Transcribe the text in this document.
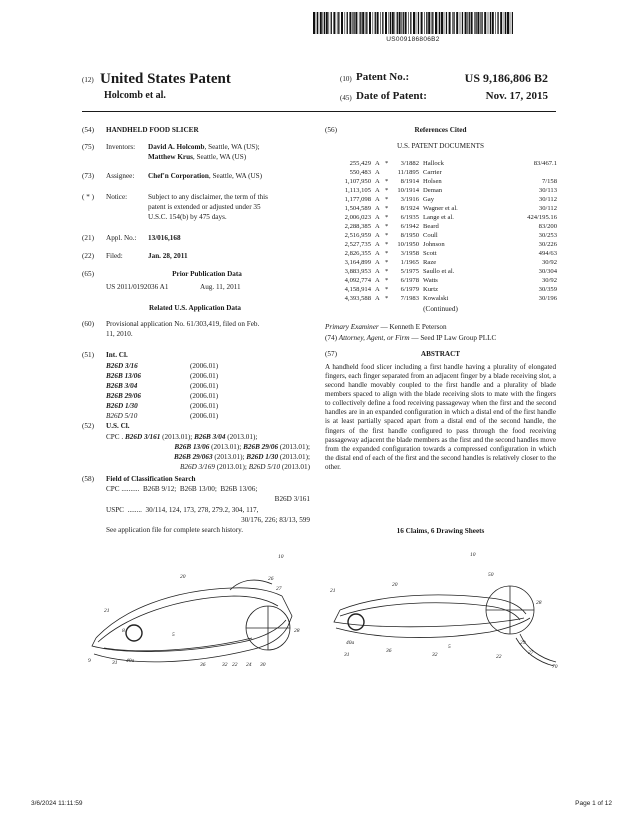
US009186806B2
(12) United States Patent
Holcomb et al.
(10) Patent No.:	US 9,186,806 B2
(45) Date of Patent:	Nov. 17, 2015
(54)	HANDHELD FOOD SLICER
(75)	Inventors:	David A. Holcomb, Seattle, WA (US);
Matthew Krus, Seattle, WA (US)
(73)	Assignee:	Chef'n Corporation, Seattle, WA (US)
( * )	Notice:	Subject to any disclaimer, the term of this
patent is extended or adjusted under 35
U.S.C. 154(b) by 475 days.
(21)	Appl. No.:	13/016,168
(22)	Filed:	Jan. 28, 2011
(65)	Prior Publication Data
US 2011/0192036 A1	Aug. 11, 2011
Related U.S. Application Data
(60)	Provisional application No. 61/303,419, filed on Feb.
11, 2010.
(51)	Int. Cl.
B26D 3/16	(2006.01)
B26B 13/06	(2006.01)
B26B 3/04	(2006.01)
B26B 29/06	(2006.01)
B26D 1/30	(2006.01)
B26D 5/10	(2006.01)
(52)	U.S. Cl.
CPC . B26D 3/161 (2013.01); B26B 3/04 (2013.01);
B26B 13/06 (2013.01); B26B 29/06 (2013.01);
B26B 29/063 (2013.01); B26D 1/30 (2013.01);
B26D 3/169 (2013.01); B26D 5/10 (2013.01)
(58)	Field of Classification Search
CPC ..........  B26B 9/12;  B26B 13/00;  B26B 13/06;
B26D 3/161
USPC  ........  30/114, 124, 173, 278, 279.2, 304, 117,
30/176, 226; 83/13, 599
See application file for complete search history.
(56)	References Cited
U.S. PATENT DOCUMENTS
255,429 A *	3/1882 Hallock	83/467.1
550,483 A	11/1895 Carrier
1,107,950 A *	8/1914 Holsen	7/158
1,113,105 A *	10/1914 Deman	30/113
1,177,098 A *	3/1916 Gay	30/112
1,504,589 A *	8/1924 Wagner et al.	30/112
2,006,023 A *	6/1935 Lange et al.	424/195.16
2,288,385 A *	6/1942 Beard	83/200
2,516,959 A *	8/1950 Coull	30/253
2,527,735 A *	10/1950 Johnson	30/226
2,826,355 A *	3/1958 Scott	494/63
3,164,899 A *	1/1965 Raze	30/92
3,883,953 A *	5/1975 Saullo et al.	30/304
4,092,774 A *	6/1978 Watts	30/92
4,158,914 A *	6/1979 Kurtz	30/359
4,393,588 A *	7/1983 Kowalski	30/196
(Continued)
Primary Examiner — Kenneth E Peterson
(74) Attorney, Agent, or Firm — Seed IP Law Group PLLC
(57)	ABSTRACT
A handheld food slicer including a first handle having a plurality of elongated fingers, each finger separated from an adjacent finger by a blade receiving slot, a second handle movably coupled to the first handle and a plurality of blade members spaced to align with the blade receiving slots to mate with the fingers to collectively define a food receiving passageway when the first and the second handles are in an expanded configuration in which a distal end of the first handle is at least partially spaced apart from a distal end of the second handle, the fingers of the first handle configured to pass through the food receiving passageway adjacent the blade members as the first and the second handles move from the expanded configuration towards a compressed configuration in which the distal end of each of the first and the second handles is relatively closer to the other.
16 Claims, 6 Drawing Sheets
10
20	26
28
21
8
40a
31	36	32 22 24 30
5
27
9
10
20
50
28
21
40a
31
36
32
5
29
27
70
22
3/6/2024 11:11:59	Page 1 of 12
